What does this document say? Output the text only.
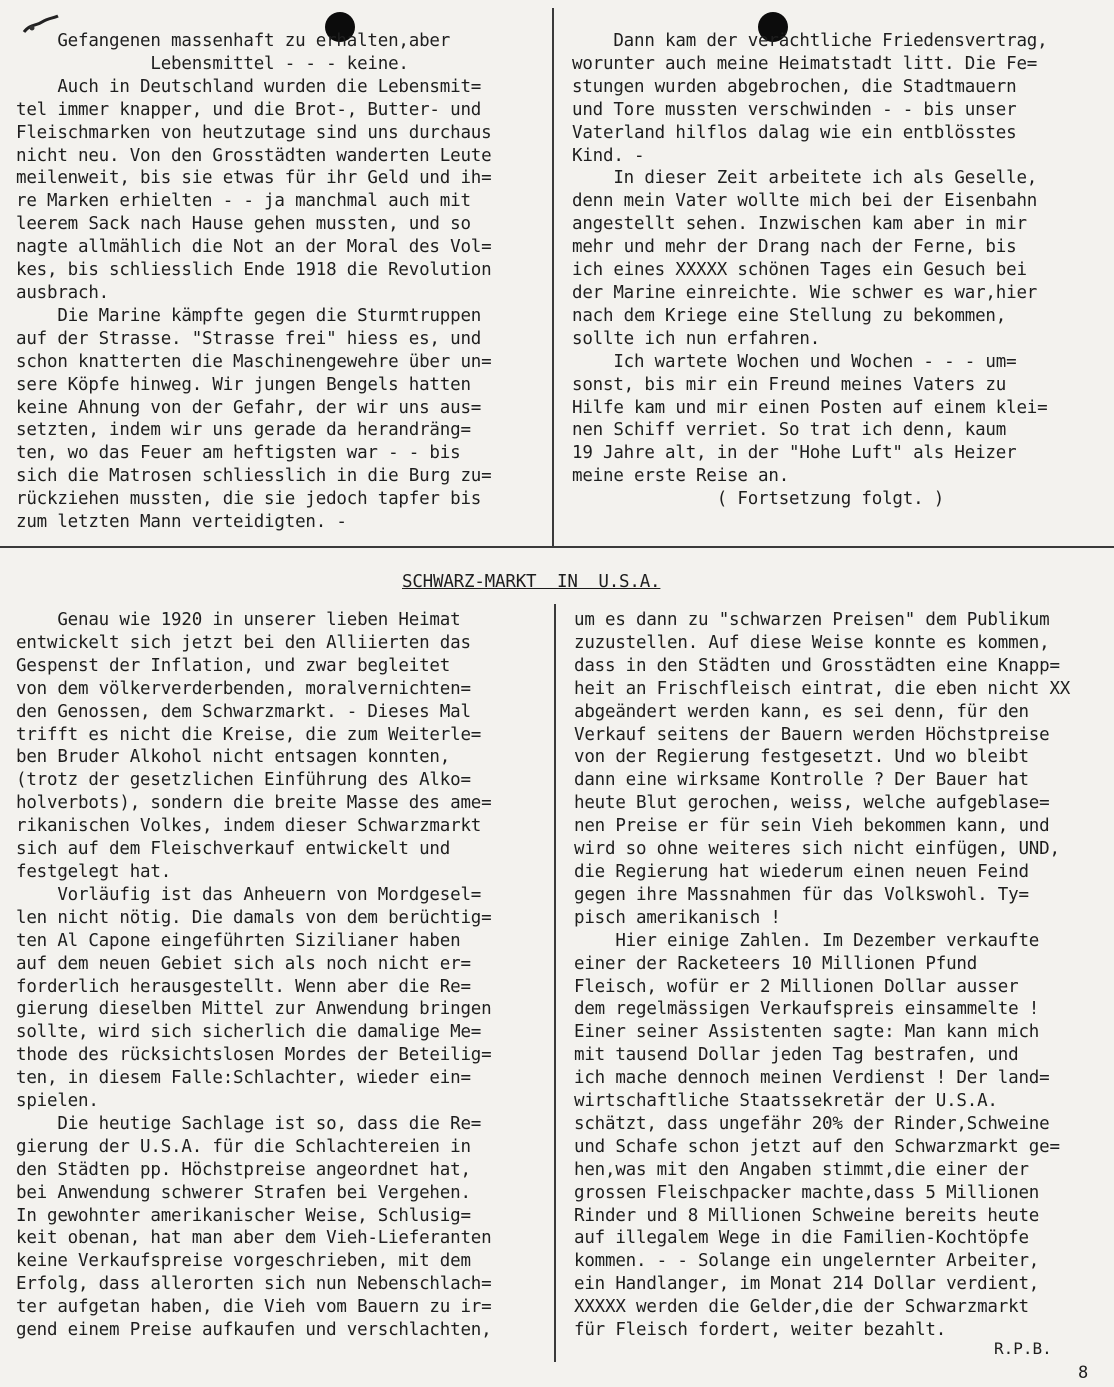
Gefangenen massenhaft zu erhalten,aber
Lebensmittel - - - keine.
Auch in Deutschland wurden die Lebensmit=
tel immer knapper, und die Brot-, Butter- und
Fleischmarken von heutzutage sind uns durchaus
nicht neu. Von den Grosstädten wanderten Leute
meilenweit, bis sie etwas für ihr Geld und ih=
re Marken erhielten - - ja manchmal auch mit
leerem Sack nach Hause gehen mussten, und so
nagte allmählich die Not an der Moral des Vol=
kes, bis schliesslich Ende 1918 die Revolution
ausbrach.
Die Marine kämpfte gegen die Sturmtruppen
auf der Strasse. "Strasse frei" hiess es, und
schon knatterten die Maschinengewehre über un=
sere Köpfe hinweg. Wir jungen Bengels hatten
keine Ahnung von der Gefahr, der wir uns aus=
setzten, indem wir uns gerade da herandräng=
ten, wo das Feuer am heftigsten war - - bis
sich die Matrosen schliesslich in die Burg zu=
rückziehen mussten, die sie jedoch tapfer bis
zum letzten Mann verteidigten. -
Dann kam der verächtliche Friedensvertrag,
worunter auch meine Heimatstadt litt. Die Fe=
stungen wurden abgebrochen, die Stadtmauern
und Tore mussten verschwinden - - bis unser
Vaterland hilflos dalag wie ein entblösstes
Kind. -
In dieser Zeit arbeitete ich als Geselle,
denn mein Vater wollte mich bei der Eisenbahn
angestellt sehen. Inzwischen kam aber in mir
mehr und mehr der Drang nach der Ferne, bis
ich eines XXXXX schönen Tages ein Gesuch bei
der Marine einreichte. Wie schwer es war,hier
nach dem Kriege eine Stellung zu bekommen,
sollte ich nun erfahren.
Ich wartete Wochen und Wochen - - - um=
sonst, bis mir ein Freund meines Vaters zu
Hilfe kam und mir einen Posten auf einem klei=
nen Schiff verriet. So trat ich denn, kaum
19 Jahre alt, in der "Hohe Luft" als Heizer
meine erste Reise an.
( Fortsetzung folgt. )
SCHWARZ-MARKT  IN  U.S.A.
Genau wie 1920 in unserer lieben Heimat
entwickelt sich jetzt bei den Alliierten das
Gespenst der Inflation, und zwar begleitet
von dem völkerverderbenden, moralvernichten=
den Genossen, dem Schwarzmarkt. - Dieses Mal
trifft es nicht die Kreise, die zum Weiterle=
ben Bruder Alkohol nicht entsagen konnten,
(trotz der gesetzlichen Einführung des Alko=
holverbots), sondern die breite Masse des ame=
rikanischen Volkes, indem dieser Schwarzmarkt
sich auf dem Fleischverkauf entwickelt und
festgelegt hat.
Vorläufig ist das Anheuern von Mordgesel=
len nicht nötig. Die damals von dem berüchtig=
ten Al Capone eingeführten Sizilianer haben
auf dem neuen Gebiet sich als noch nicht er=
forderlich herausgestellt. Wenn aber die Re=
gierung dieselben Mittel zur Anwendung bringen
sollte, wird sich sicherlich die damalige Me=
thode des rücksichtslosen Mordes der Beteilig=
ten, in diesem Falle:Schlachter, wieder ein=
spielen.
Die heutige Sachlage ist so, dass die Re=
gierung der U.S.A. für die Schlachtereien in
den Städten pp. Höchstpreise angeordnet hat,
bei Anwendung schwerer Strafen bei Vergehen.
In gewohnter amerikanischer Weise, Schlusig=
keit obenan, hat man aber dem Vieh-Lieferanten
keine Verkaufspreise vorgeschrieben, mit dem
Erfolg, dass allerorten sich nun Nebenschlach=
ter aufgetan haben, die Vieh vom Bauern zu ir=
gend einem Preise aufkaufen und verschlachten,
um es dann zu "schwarzen Preisen" dem Publikum
zuzustellen. Auf diese Weise konnte es kommen,
dass in den Städten und Grosstädten eine Knapp=
heit an Frischfleisch eintrat, die eben nicht XX
abgeändert werden kann, es sei denn, für den
Verkauf seitens der Bauern werden Höchstpreise
von der Regierung festgesetzt. Und wo bleibt
dann eine wirksame Kontrolle ? Der Bauer hat
heute Blut gerochen, weiss, welche aufgeblase=
nen Preise er für sein Vieh bekommen kann, und
wird so ohne weiteres sich nicht einfügen, UND,
die Regierung hat wiederum einen neuen Feind
gegen ihre Massnahmen für das Volkswohl. Ty=
pisch amerikanisch !
Hier einige Zahlen. Im Dezember verkaufte
einer der Racketeers 10 Millionen Pfund
Fleisch, wofür er 2 Millionen Dollar ausser
dem regelmässigen Verkaufspreis einsammelte !
Einer seiner Assistenten sagte: Man kann mich
mit tausend Dollar jeden Tag bestrafen, und
ich mache dennoch meinen Verdienst ! Der land=
wirtschaftliche Staatssekretär der U.S.A.
schätzt, dass ungefähr 20% der Rinder,Schweine
und Schafe schon jetzt auf den Schwarzmarkt ge=
hen,was mit den Angaben stimmt,die einer der
grossen Fleischpacker machte,dass 5 Millionen
Rinder und 8 Millionen Schweine bereits heute
auf illegalem Wege in die Familien-Kochtöpfe
kommen. - - Solange ein ungelernter Arbeiter,
ein Handlanger, im Monat 214 Dollar verdient,
XXXXX werden die Gelder,die der Schwarzmarkt
für Fleisch fordert, weiter bezahlt.
R.P.B.
8
